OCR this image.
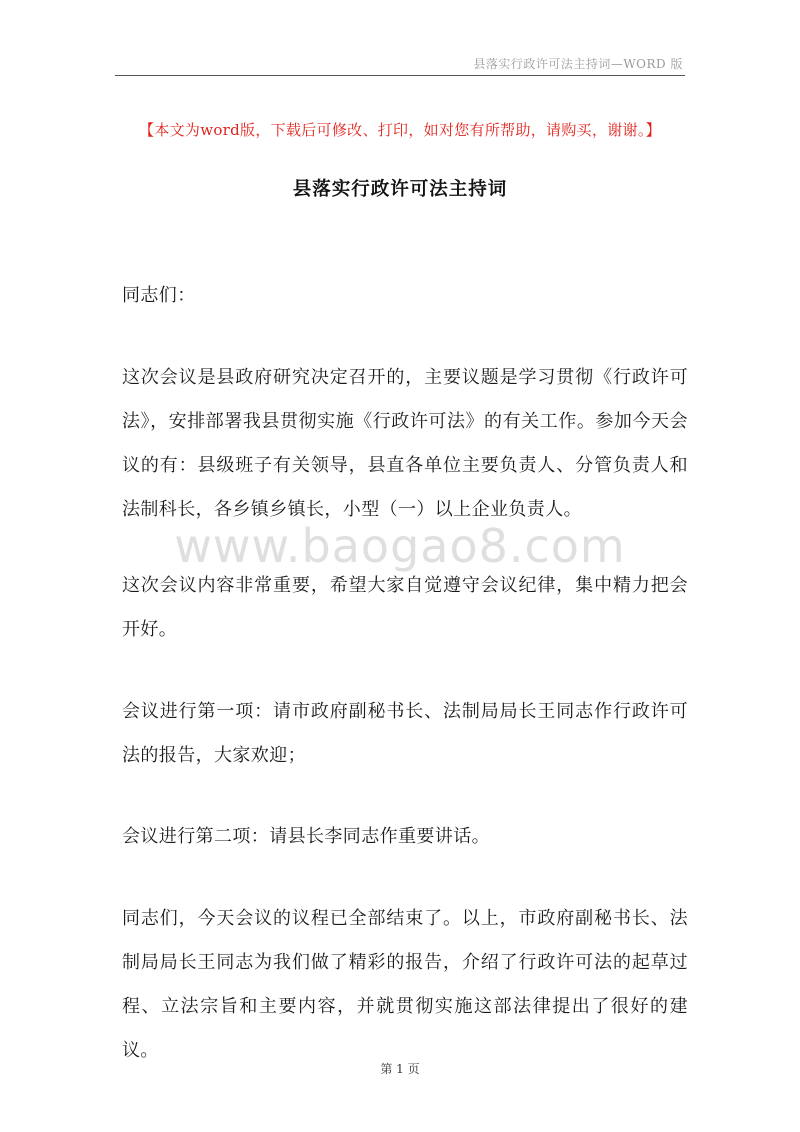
县落实行政许可法主持词—WORD 版
【本文为word版，下载后可修改、打印，如对您有所帮助，请购买，谢谢。】
县落实行政许可法主持词
同志们：
这次会议是县政府研究决定召开的，主要议题是学习贯彻《行政许可法》，安排部署我县贯彻实施《行政许可法》的有关工作。参加今天会议的有：县级班子有关领导，县直各单位主要负责人、分管负责人和法制科长，各乡镇乡镇长，小型（一）以上企业负责人。
www.baogao8.com
这次会议内容非常重要，希望大家自觉遵守会议纪律，集中精力把会开好。
会议进行第一项：请市政府副秘书长、法制局局长王同志作行政许可法的报告，大家欢迎；
会议进行第二项：请县长李同志作重要讲话。
同志们，今天会议的议程已全部结束了。以上，市政府副秘书长、法制局局长王同志为我们做了精彩的报告，介绍了行政许可法的起草过程、立法宗旨和主要内容，并就贯彻实施这部法律提出了很好的建议。
第 1 页
